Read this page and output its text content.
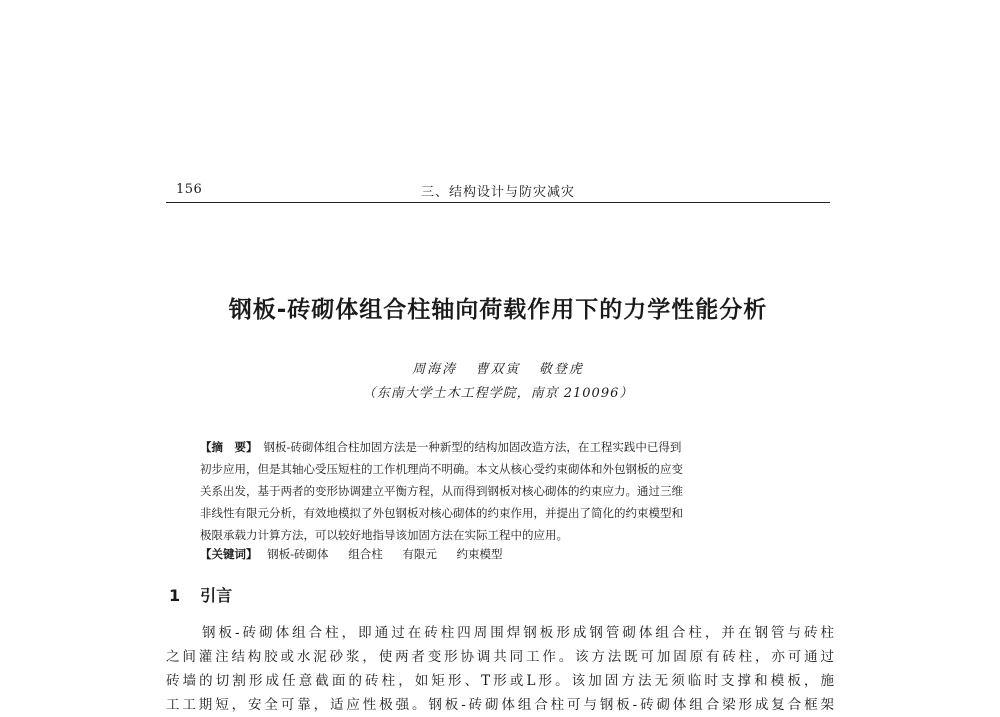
156	三、结构设计与防灾减灾
钢板-砖砌体组合柱轴向荷载作用下的力学性能分析
周海涛   曹双寅   敬登虎
（东南大学土木工程学院，南京 210096）
【摘　要】 钢板-砖砌体组合柱加固方法是一种新型的结构加固改造方法，在工程实践中已得到
初步应用，但是其轴心受压短柱的工作机理尚不明确。本文从核心受约束砌体和外包钢板的应变
关系出发，基于两者的变形协调建立平衡方程，从而得到钢板对核心砌体的约束应力。通过三维
非线性有限元分析，有效地模拟了外包钢板对核心砌体的约束作用，并提出了简化的约束模型和
极限承载力计算方法，可以较好地指导该加固方法在实际工程中的应用。
【关键词】 钢板-砖砌体 组合柱 有限元 约束模型
1 引言
钢板-砖砌体组合柱，即通过在砖柱四周围焊钢板形成钢管砌体组合柱，并在钢管与砖柱
之间灌注结构胶或水泥砂浆，使两者变形协调共同工作。该方法既可加固原有砖柱，亦可通过
砖墙的切割形成任意截面的砖柱，如矩形、T形或L形。该加固方法无须临时支撑和模板，施
工工期短，安全可靠，适应性极强。钢板-砖砌体组合柱可与钢板-砖砌体组合梁形成复合框架
